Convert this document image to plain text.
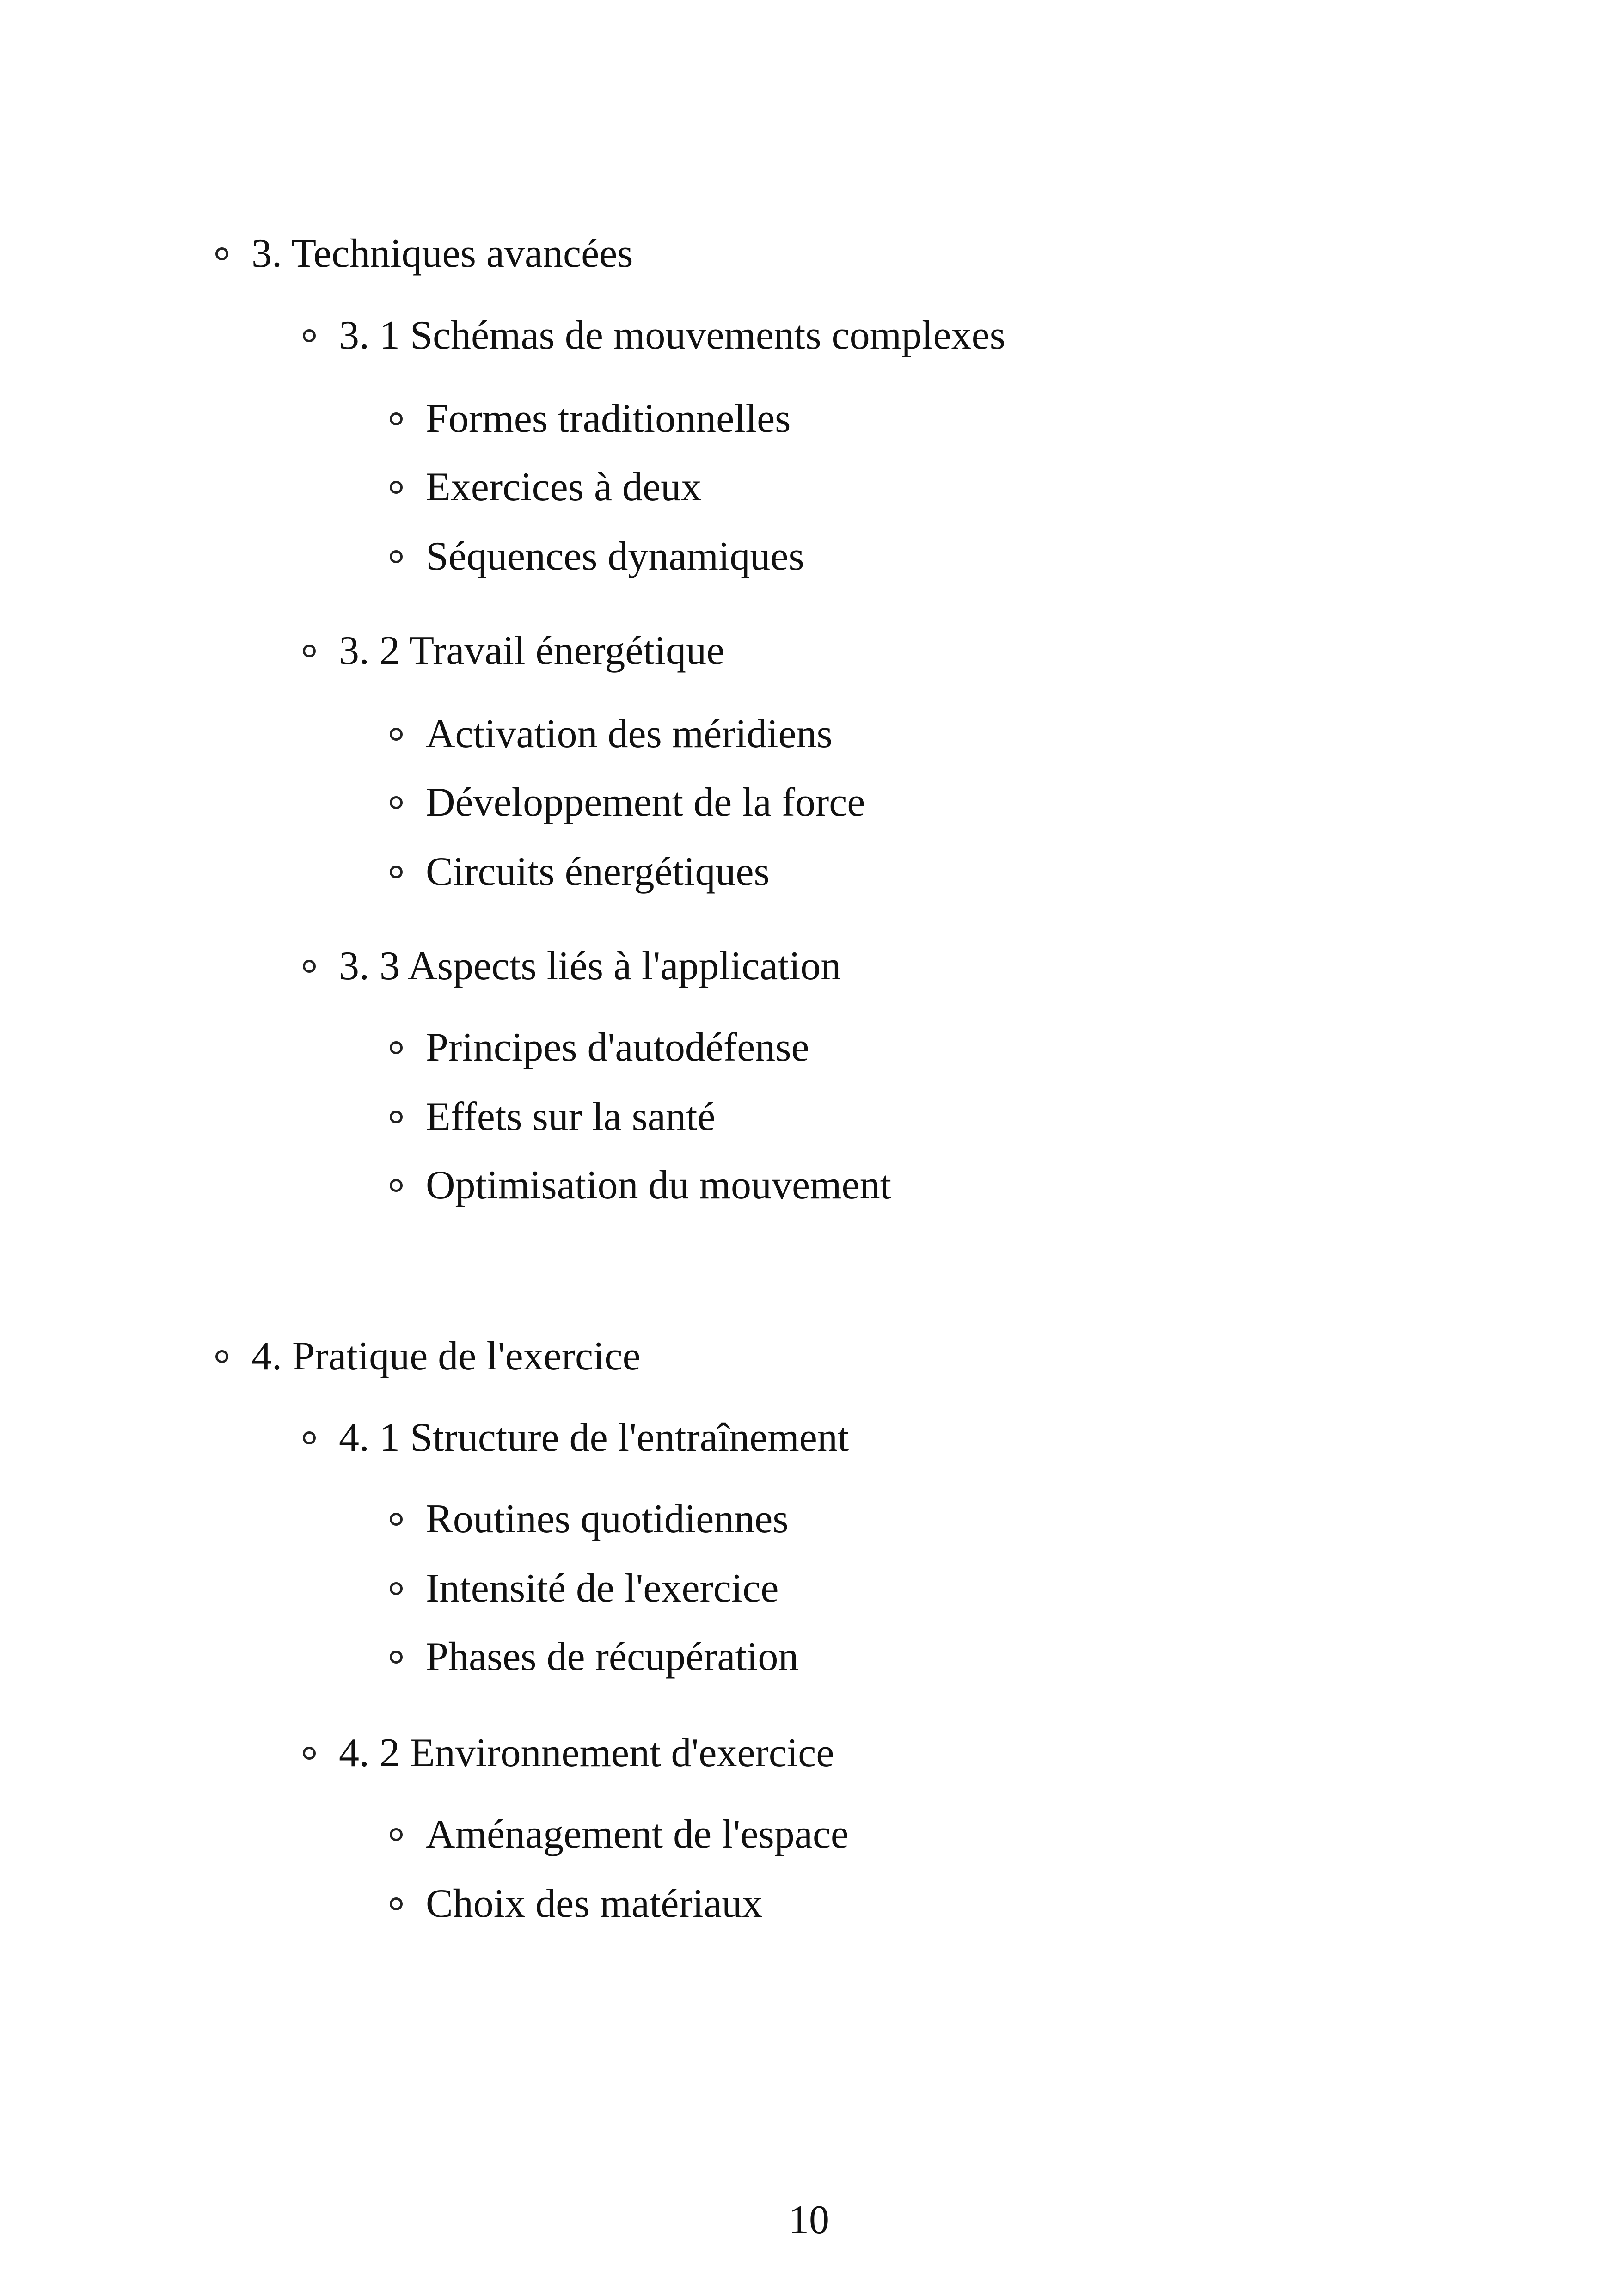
3. Techniques avancées
3. 1 Schémas de mouvements complexes
Formes traditionnelles
Exercices à deux
Séquences dynamiques
3. 2 Travail énergétique
Activation des méridiens
Développement de la force
Circuits énergétiques
3. 3 Aspects liés à l'application
Principes d'autodéfense
Effets sur la santé
Optimisation du mouvement
4. Pratique de l'exercice
4. 1 Structure de l'entraînement
Routines quotidiennes
Intensité de l'exercice
Phases de récupération
4. 2 Environnement d'exercice
Aménagement de l'espace
Choix des matériaux
10
